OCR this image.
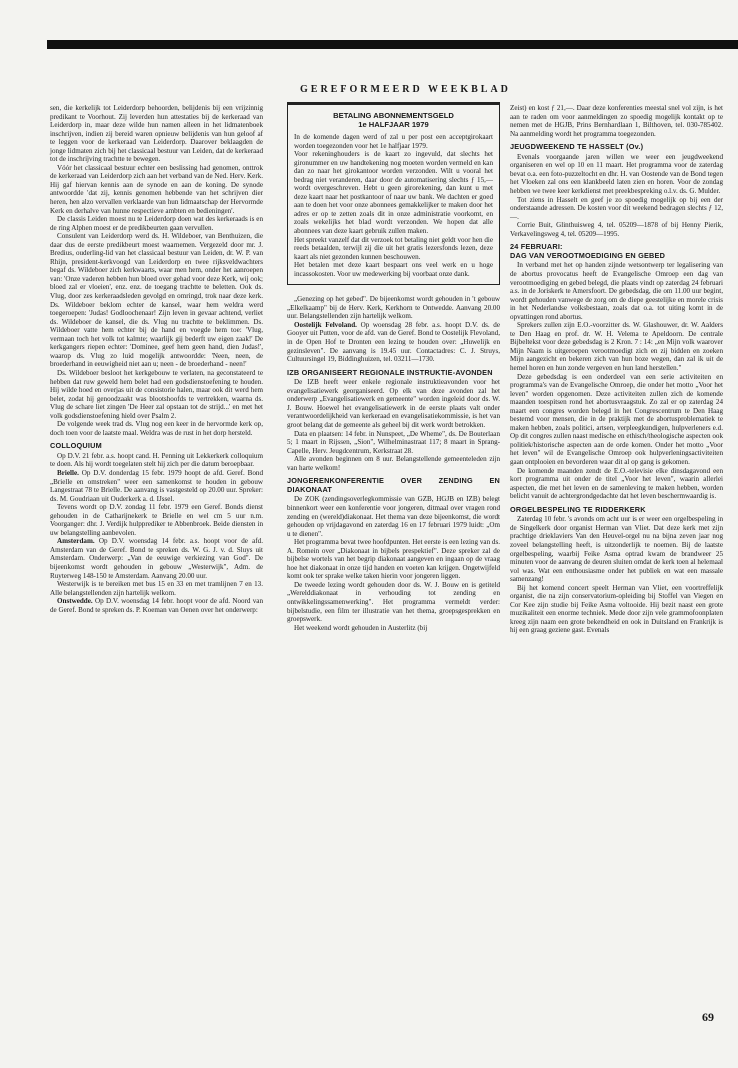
GEREFORMEERD WEEKBLAD

sen, die kerkelijk tot Leiderdorp behoorden, belijdenis bij een vrijzinnig predikant te Voorhout. Zij leverden hun attestaties bij de kerkeraad van Leiderdorp in, maar deze wilde hun namen alleen in het lidmatenboek inschrijven, indien zij bereid waren opnieuw belijdenis van hun geloof af te leggen voor de kerkeraad van Leiderdorp. Daarover beklaagden de jonge lidmaten zich bij het classicaal bestuur van Leiden, dat de kerkeraad tot de inschrijving trachtte te bewegen.

Vóór het classicaal bestuur echter een beslissing had genomen, onttrok de kerkeraad van Leiderdorp zich aan het verband van de Ned. Herv. Kerk. Hij gaf hiervan kennis aan de synode en aan de koning. De synode antwoordde 'dat zij, kennis genomen hebbende van het schrijven dier heren, hen alzo vervallen verklaarde van hun lidmaatschap der Hervormde Kerk en derhalve van hunne respectieve ambten en bedieningen'.

De classis Leiden moest nu te Leiderdorp doen wat des kerkeraads is en de ring Alphen moest er de predikbeurten gaan vervullen.

Consulent van Leiderdorp werd ds. H. Wildeboer, van Benthuizen, die daar dus de eerste predikbeurt moest waarnemen. Vergezeld door mr. J. Bredius, ouderling-lid van het classicaal bestuur van Leiden, dr. W. P. van Rhijn, president-kerkvoogd van Leiderdorp en twee rijksveldwachters begaf ds. Wildeboer zich kerkwaarts, waar men hem, onder het aanroepen van: 'Onze vaderen hebben hun bloed over gehad voor deze Kerk, wij ook; bloed zal er vloeien', enz. enz. de toegang trachtte te beletten. Ook ds. Vlug, door zes kerkeraadsleden gevolgd en omringd, trok naar deze kerk. Ds. Wildeboer beklom echter de kansel, waar hem weldra werd toegeroepen: 'Judas! Godloochenaar! Zijn leven in gevaar achtend, verliet ds. Wildeboer de kansel, die ds. Vlug nu trachtte te beklimmen. Ds. Wildeboer vatte hem echter bij de hand en voegde hem toe: 'Vlug, vermaan toch het volk tot kalmte; waarlijk gij bederft uw eigen zaak!' De kerkgangers riepen echter: 'Dominee, geef hem geen hand, dien Judas!', waarop ds. Vlug zo luid mogelijk antwoordde: 'Neen, neen, de broederhand in eeuwigheid niet aan u; neen - de broederhand - neen!'

Ds. Wildeboer besloot het kerkgebouw te verlaten, na geconstateerd te hebben dat ruw geweld hem belet had een godsdienstoefening te houden. Hij wilde hoed en overjas uit de consistorie halen, maar ook dit werd hem belet, zodat hij genoodzaakt was blootshoofds te vertrekken, waarna ds. Vlug de schare liet zingen 'De Heer zal opstaan tot de strijd...' en met het volk godsdienstoefening hield over Psalm 2.

De volgende week trad ds. Vlug nog een keer in de hervormde kerk op, doch toen voor de laatste maal. Weldra was de rust in het dorp hersteld.

COLLOQUIUM

Op D.V. 21 febr. a.s. hoopt cand. H. Penning uit Lekkerkerk colloquium te doen. Als hij wordt toegelaten stelt hij zich per die datum beroepbaar.

Brielle. Op D.V. donderdag 15 febr. 1979 hoopt de afd. Geref. Bond „Brielle en omstreken" weer een samenkomst te houden in gebouw Langestraat 78 te Brielle. De aanvang is vastgesteld op 20.00 uur. Spreker: ds. M. Goudriaan uit Ouderkerk a. d. IJssel.

Tevens wordt op D.V. zondag 11 febr. 1979 een Geref. Bonds dienst gehouden in de Catharijnekerk te Brielle en wel cm 5 uur n.m. Voorganger: dhr. J. Verdijk hulpprediker te Abbenbroek. Beide diensten in uw belangstelling aanbevolen.

Amsterdam. Op D.V. woensdag 14 febr. a.s. hoopt voor de afd. Amsterdam van de Geref. Bond te spreken ds. W. G. J. v. d. Sluys uit Amsterdam. Onderwerp: „Van de eeuwige verkiezing van God". De bijeenkomst wordt gehouden in gebouw „Westerwijk", Adm. de Ruyterweg 148-150 te Amsterdam. Aanvang 20.00 uur.

Westerwijk is te bereiken met bus 15 en 33 en met tramlijnen 7 en 13. Alle belangstellenden zijn hartelijk welkom.

Onstwedde. Op D.V. woensdag 14 febr. hoopt voor de afd. Noord van de Geref. Bond te spreken ds. P. Koeman van Oenen over het onderwerp:

BETALING ABONNEMENTSGELD
1e HALFJAAR 1979

In de komende dagen werd of zal u per post een acceptgirokaart worden toegezonden voor het 1e halfjaar 1979.

Voor rekeninghouders is de kaart zo ingevuld, dat slechts het gironummer en uw handtekening nog moeten worden vermeld en kan dan zo naar het girokantoor worden verzonden. Wilt u vooral het bedrag niet veranderen, daar door de automatisering slechts ƒ 15,— wordt overgeschreven. Hebt u geen girorekening, dan kunt u met deze kaart naar het postkantoor of naar uw bank. We dachten er goed aan te doen het voor onze abonnees gemakkelijker te maken door het adres er op te zetten zoals dit in onze administratie voorkomt, en zoals wekelijks het blad wordt verzonden. We hopen dat alle abonnees van deze kaart gebruik zullen maken.

Het spreekt vanzelf dat dit verzoek tot betaling niet geldt voor hen die reeds betaalden, terwijl zij die uit het gratis lezersfonds lezen, deze kaart als niet gezonden kunnen beschouwen.

Het betalen met deze kaart bespaart ons veel werk en u hoge incassokosten. Voor uw medewerking bij voorbaat onze dank.

„Genezing op het gebed". De bijeenkomst wordt gehouden in 't gebouw „Elkelkaamp" bij de Herv. Kerk, Kerkhorn te Ontwedde. Aanvang 20.00 uur. Belangstellenden zijn hartelijk welkom.

Oostelijk Felvoland. Op woensdag 28 febr. a.s. hoopt D.V. ds. de Gooyer uit Putten, voor de afd. van de Geref. Bond te Oostelijk Flevoland, in de Open Hof te Dronten een lezing te houden over: „Huwelijk en gezinsleven". De aanvang is 19.45 uur. Contactadres: C. J. Struys, Cultuursingel 19, Biddinghuizen, tel. 03211—1730.

IZB ORGANISEERT REGIONALE INSTRUKTIE-AVONDEN

De IZB heeft weer enkele regionale instruktieavonden voor het evangelisatiewerk georganiseerd. Op elk van deze avonden zal het onderwerp „Evangelisatiewerk en gemeente" worden ingeleid door ds. W. J. Bouw. Hoewel het evangelisatiewerk in de eerste plaats valt onder verantwoordelijkheid van kerkeraad en evangelisatiekommissie, is het van groot belang dat de gemeente als geheel bij dit werk wordt betrokken.

Data en plaatsen: 14 febr. in Nunspeet, „De Wheme", ds. De Bouterlaan 5; 1 maart in Rijssen, „Sion", Wilhelminastraat 117; 8 maart in Sprang-Capelle, Herv. Jeugdcentrum, Kerkstraat 28.

Alle avonden beginnen om 8 uur. Belangstellende gemeenteleden zijn van harte welkom!

JONGERENKONFERENTIE OVER ZENDING EN DIAKONAAT

De ZOK (zendingsoverlegkommissie van GZB, HGJB en IZB) belegt binnenkort weer een konferentie voor jongeren, ditmaal over vragen rond zending en (wereld)diakonaat. Het thema van deze bijeenkomst, die wordt gehouden op vrijdagavond en zaterdag 16 en 17 februari 1979 luidt: „Om u te dienen".

Het programma bevat twee hoofdpunten. Het eerste is een lezing van ds. A. Romein over „Diakonaat in bijbels prespektief". Deze spreker zal de bijbelse wortels van het begrip diakonaat aangeven en ingaan op de vraag hoe het diakonaat in onze tijd handen en voeten kan krijgen. Ongetwijfeld komt ook ter sprake welke taken hierin voor jongeren liggen.

De tweede lezing wordt gehouden door ds. W. J. Bouw en is getiteld „Werelddiakonaat in verhouding tot zending en ontwikkelingssamenwerking". Het programma vermeldt verder: bijbelstudie, een film ter illustratie van het thema, groepsgesprekken en groepswerk.

Het weekend wordt gehouden in Austerlitz (bij

Zeist) en kost ƒ 21,—. Daar deze konferenties meestal snel vol zijn, is het aan te raden om voor aanmeldingen zo spoedig mogelijk kontakt op te nemen met de HGJB, Prins Bernhardlaan 1, Bilthoven, tel. 030-785402. Na aanmelding wordt het programma toegezonden.

JEUGDWEEKEND TE HASSELT (Ov.)

Evenals voorgaande jaren willen we weer een jeugdweekend organiseren en wel op 10 en 11 maart. Het programma voor de zaterdag bevat o.a. een foto-puzzeltocht en dhr. H. van Oostende van de Bond tegen het Vloeken zal ons een klankbeeld laten zien en horen. Voor de zondag hebben we twee keer kerkdienst met preekbespreking o.l.v. ds. G. Mulder.

Tot ziens in Hasselt en geef je zo spoedig mogelijk op bij een der onderstaande adressen. De kosten voor dit weekend bedragen slechts ƒ 12,—.

Corrie Buit, Glinthuisweg 4, tel. 05209—1878 of bij Henny Pierik, Verkavelingsweg 4, tel. 05209—1995.

24 FEBRUARI:
DAG VAN VEROOTMOEDIGING EN GEBED

In verband met het op handen zijnde wetsontwerp ter legalisering van de abortus provocatus heeft de Evangelische Omroep een dag van verootmoediging en gebed belegd, die plaats vindt op zaterdag 24 februari a.s. in de Joriskerk te Amersfoort. De gebedsdag, die om 11.00 uur begint, wordt gehouden vanwege de zorg om de diepe geestelijke en morele crisis in het Nederlandse volksbestaan, zoals dat o.a. tot uiting komt in de opvattingen rond abortus.

Sprekers zullen zijn E.O.-voorzitter ds. W. Glashouwer, dr. W. Aalders te Den Haag en prof. dr. W. H. Velema te Apeldoorn. De centrale Bijbeltekst voor deze gebedsdag is 2 Kron. 7 : 14: „en Mijn volk waarover Mijn Naam is uitgeroepen verootmoedigt zich en zij bidden en zoeken Mijn aangezicht en bekeren zich van hun boze wegen, dan zal ik uit de hemel horen en hun zonde vergeven en hun land herstellen."

Deze gebedsdag is een onderdeel van een serie activiteiten en programma's van de Evangelische Omroep, die onder het motto „Voor het leven" worden opgenomen. Deze activiteiten zullen zich de komende maanden toespitsen rond het abortusvraagstuk. Zo zal er op zaterdag 24 maart een congres worden belegd in het Congrescentrum te Den Haag bestemd voor mensen, die in de praktijk met de abortusproblematiek te maken hebben, zoals politici, artsen, verpleegkundigen, hulpverleners e.d. Op dit congres zullen naast medische en ethisch/theologische aspecten ook politiek/historische aspecten aan de orde komen. Onder het motto „Voor het leven" wil de Evangelische Omroep ook hulpverleningsactiviteiten gaan ontplooien en bevorderen waar dit al op gang is gekomen.

De komende maanden zendt de E.O.-televisie elke dinsdagavond een kort programma uit onder de titel „Voor het leven", waarin allerlei aspecten, die met het leven en de samenleving te maken hebben, worden belicht vanuit de achtergrondgedachte dat het leven beschermwaardig is.

ORGELBESPELING TE RIDDERKERK

Zaterdag 10 febr. 's avonds om acht uur is er weer een orgelbespeling in de Singelkerk door organist Herman van Vliet. Dat deze kerk met zijn prachtige drieklaviers Van den Heuvel-orgel nu na bijna zeven jaar nog zoveel belangstelling heeft, is uitzonderlijk te noemen. Bij de laatste orgelbespeling, waarbij Feike Asma optrad kwam de brandweer 25 minuten voor de aanvang de deuren sluiten omdat de kerk toen al helemaal vol was. Wat een enthousiasme onder het publiek en wat een massale samenzang!

Bij het komend concert speelt Herman van Vliet, een voortreffelijk organist, die na zijn conservatorium-opleiding bij Stoffel van Viegen en Cor Kee zijn studie bij Feike Asma voltooide. Hij bezit naast een grote muzikaliteit een enorme techniek. Mede door zijn vele grammofoonplaten kreeg zijn naam een grote bekendheid en ook in Duitsland en Frankrijk is hij een graag geziene gast. Evenals

69
